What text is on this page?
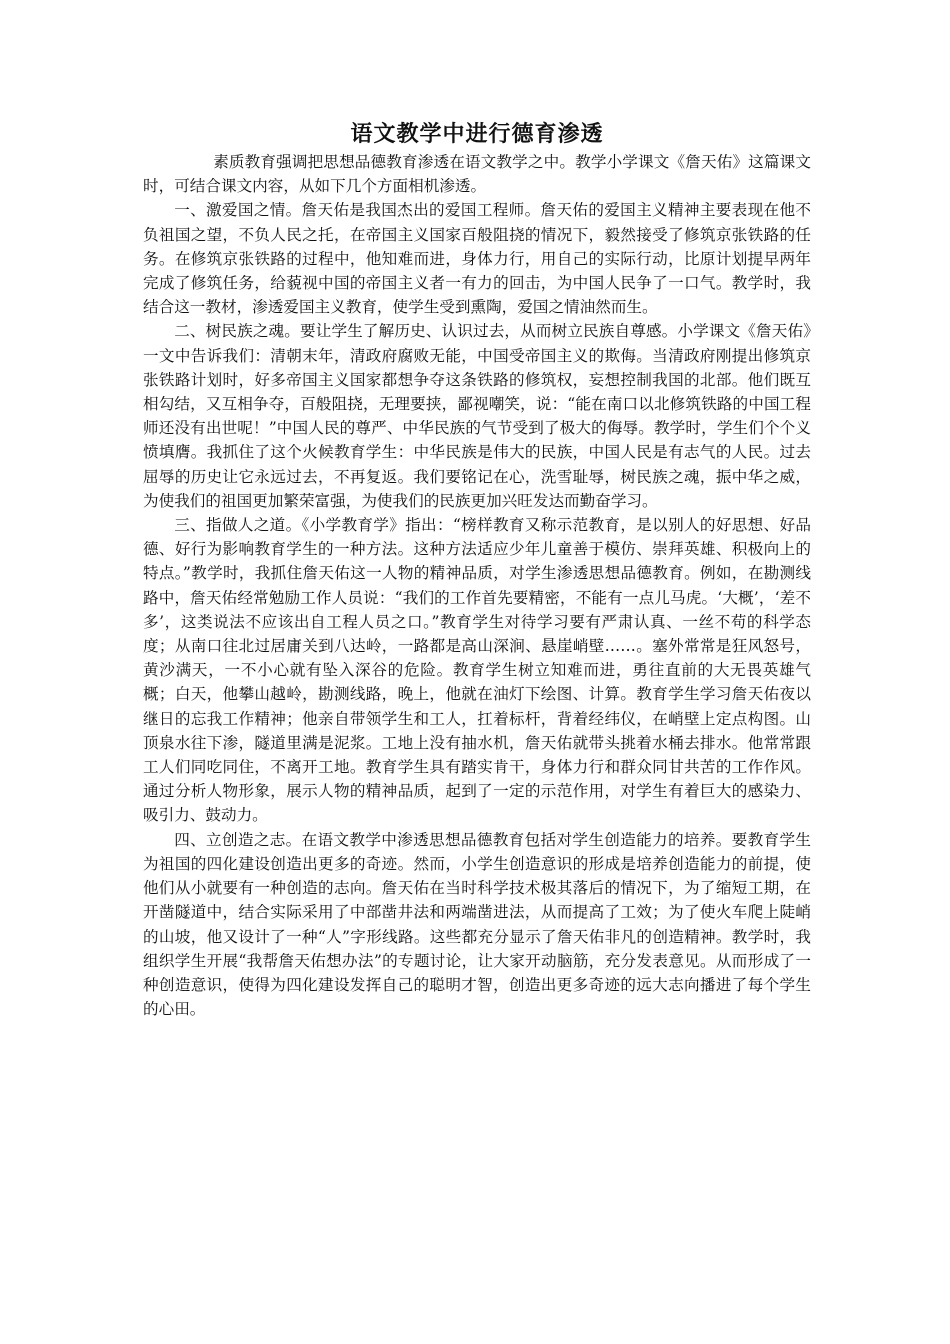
语文教学中进行德育渗透

素质教育强调把思想品德教育渗透在语文教学之中。教学小学课文《詹天佑》这篇课文时，可结合课文内容，从如下几个方面相机渗透。

一、激爱国之情。詹天佑是我国杰出的爱国工程师。詹天佑的爱国主义精神主要表现在他不负祖国之望，不负人民之托，在帝国主义国家百般阻挠的情况下，毅然接受了修筑京张铁路的任务。在修筑京张铁路的过程中，他知难而进，身体力行，用自己的实际行动，比原计划提早两年完成了修筑任务，给藐视中国的帝国主义者一有力的回击，为中国人民争了一口气。教学时，我结合这一教材，渗透爱国主义教育，使学生受到熏陶，爱国之情油然而生。

二、树民族之魂。要让学生了解历史、认识过去，从而树立民族自尊感。小学课文《詹天佑》一文中告诉我们：清朝末年，清政府腐败无能，中国受帝国主义的欺侮。当清政府刚提出修筑京张铁路计划时，好多帝国主义国家都想争夺这条铁路的修筑权，妄想控制我国的北部。他们既互相勾结，又互相争夺，百般阻挠，无理要挟，鄙视嘲笑，说：“能在南口以北修筑铁路的中国工程师还没有出世呢！”中国人民的尊严、中华民族的气节受到了极大的侮辱。教学时，学生们个个义愤填膺。我抓住了这个火候教育学生：中华民族是伟大的民族，中国人民是有志气的人民。过去屈辱的历史让它永远过去，不再复返。我们要铭记在心，洗雪耻辱，树民族之魂，振中华之威，为使我们的祖国更加繁荣富强，为使我们的民族更加兴旺发达而勤奋学习。

三、指做人之道。《小学教育学》指出：“榜样教育又称示范教育，是以别人的好思想、好品德、好行为影响教育学生的一种方法。这种方法适应少年儿童善于模仿、崇拜英雄、积极向上的特点。”教学时，我抓住詹天佑这一人物的精神品质，对学生渗透思想品德教育。例如，在勘测线路中，詹天佑经常勉励工作人员说：“我们的工作首先要精密，不能有一点儿马虎。‘大概’，‘差不多’，这类说法不应该出自工程人员之口。”教育学生对待学习要有严肃认真、一丝不苟的科学态度；从南口往北过居庸关到八达岭，一路都是高山深涧、悬崖峭壁……。塞外常常是狂风怒号，黄沙满天，一不小心就有坠入深谷的危险。教育学生树立知难而进，勇往直前的大无畏英雄气概；白天，他攀山越岭，勘测线路，晚上，他就在油灯下绘图、计算。教育学生学习詹天佑夜以继日的忘我工作精神；他亲自带领学生和工人，扛着标杆，背着经纬仪，在峭壁上定点构图。山顶泉水往下渗，隧道里满是泥浆。工地上没有抽水机，詹天佑就带头挑着水桶去排水。他常常跟工人们同吃同住，不离开工地。教育学生具有踏实肯干，身体力行和群众同甘共苦的工作作风。通过分析人物形象，展示人物的精神品质，起到了一定的示范作用，对学生有着巨大的感染力、吸引力、鼓动力。

四、立创造之志。在语文教学中渗透思想品德教育包括对学生创造能力的培养。要教育学生为祖国的四化建设创造出更多的奇迹。然而，小学生创造意识的形成是培养创造能力的前提，使他们从小就要有一种创造的志向。詹天佑在当时科学技术极其落后的情况下，为了缩短工期，在开凿隧道中，结合实际采用了中部凿井法和两端凿进法，从而提高了工效；为了使火车爬上陡峭的山坡，他又设计了一种“人”字形线路。这些都充分显示了詹天佑非凡的创造精神。教学时，我组织学生开展“我帮詹天佑想办法”的专题讨论，让大家开动脑筋，充分发表意见。从而形成了一种创造意识，使得为四化建设发挥自己的聪明才智，创造出更多奇迹的远大志向播进了每个学生的心田。
